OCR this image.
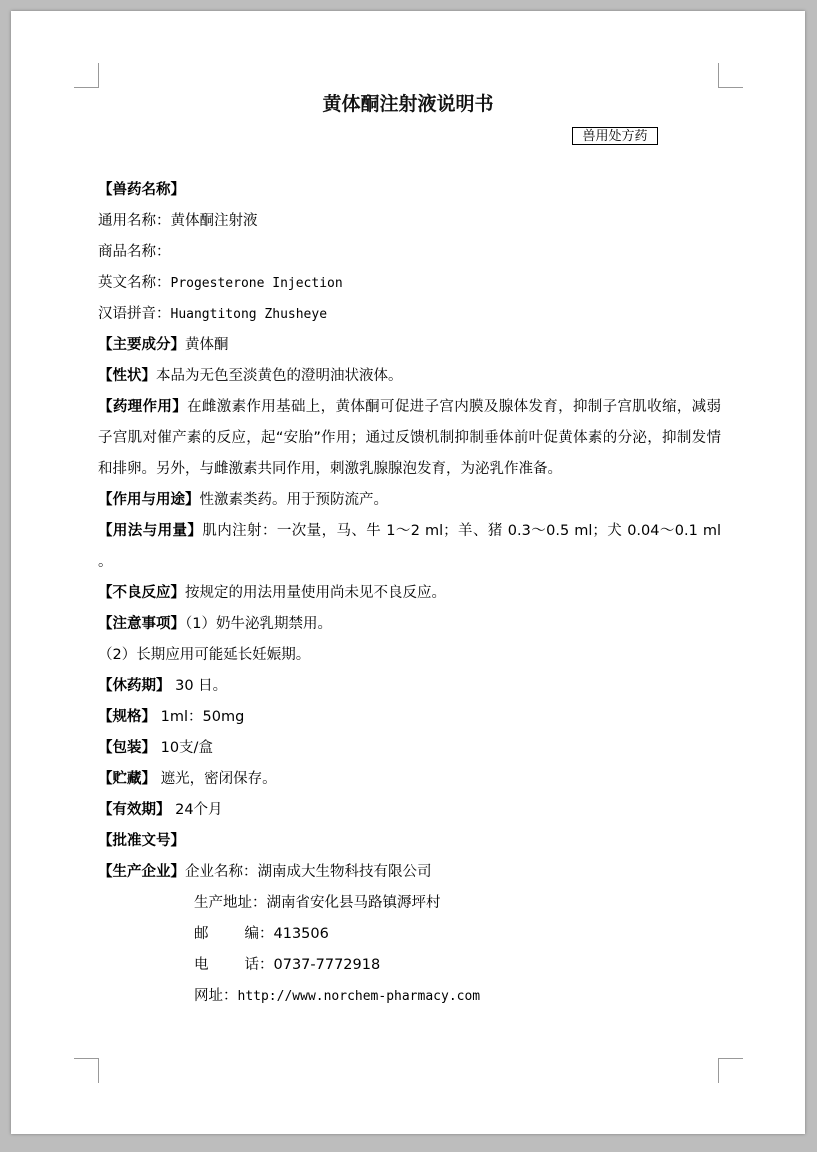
黄体酮注射液说明书
兽用处方药
【兽药名称】
通用名称：黄体酮注射液
商品名称：
英文名称：Progesterone Injection
汉语拼音：Huangtitong Zhusheye
【主要成分】黄体酮
【性状】本品为无色至淡黄色的澄明油状液体。
【药理作用】在雌激素作用基础上，黄体酮可促进子宫内膜及腺体发育，抑制子宫肌收缩，减弱子宫肌对催产素的反应，起“安胎”作用；通过反馈机制抑制垂体前叶促黄体素的分泌，抑制发情和排卵。另外，与雌激素共同作用，刺激乳腺腺泡发育，为泌乳作准备。
【作用与用途】性激素类药。用于预防流产。
【用法与用量】肌内注射：一次量，马、牛 1～2 ml；羊、猪 0.3～0.5 ml；犬 0.04～0.1 ml 。
【不良反应】按规定的用法用量使用尚未见不良反应。
【注意事项】（1）奶牛泌乳期禁用。
（2）长期应用可能延长妊娠期。
【休药期】 30 日。
【规格】 1ml：50mg
【包装】 10支/盒
【贮藏】 遮光，密闭保存。
【有效期】 24个月
【批准文号】
【生产企业】企业名称：湖南成大生物科技有限公司
生产地址：湖南省安化县马路镇溽坪村
邮 编：413506
电 话：0737-7772918
网址：http://www.norchem-pharmacy.com
